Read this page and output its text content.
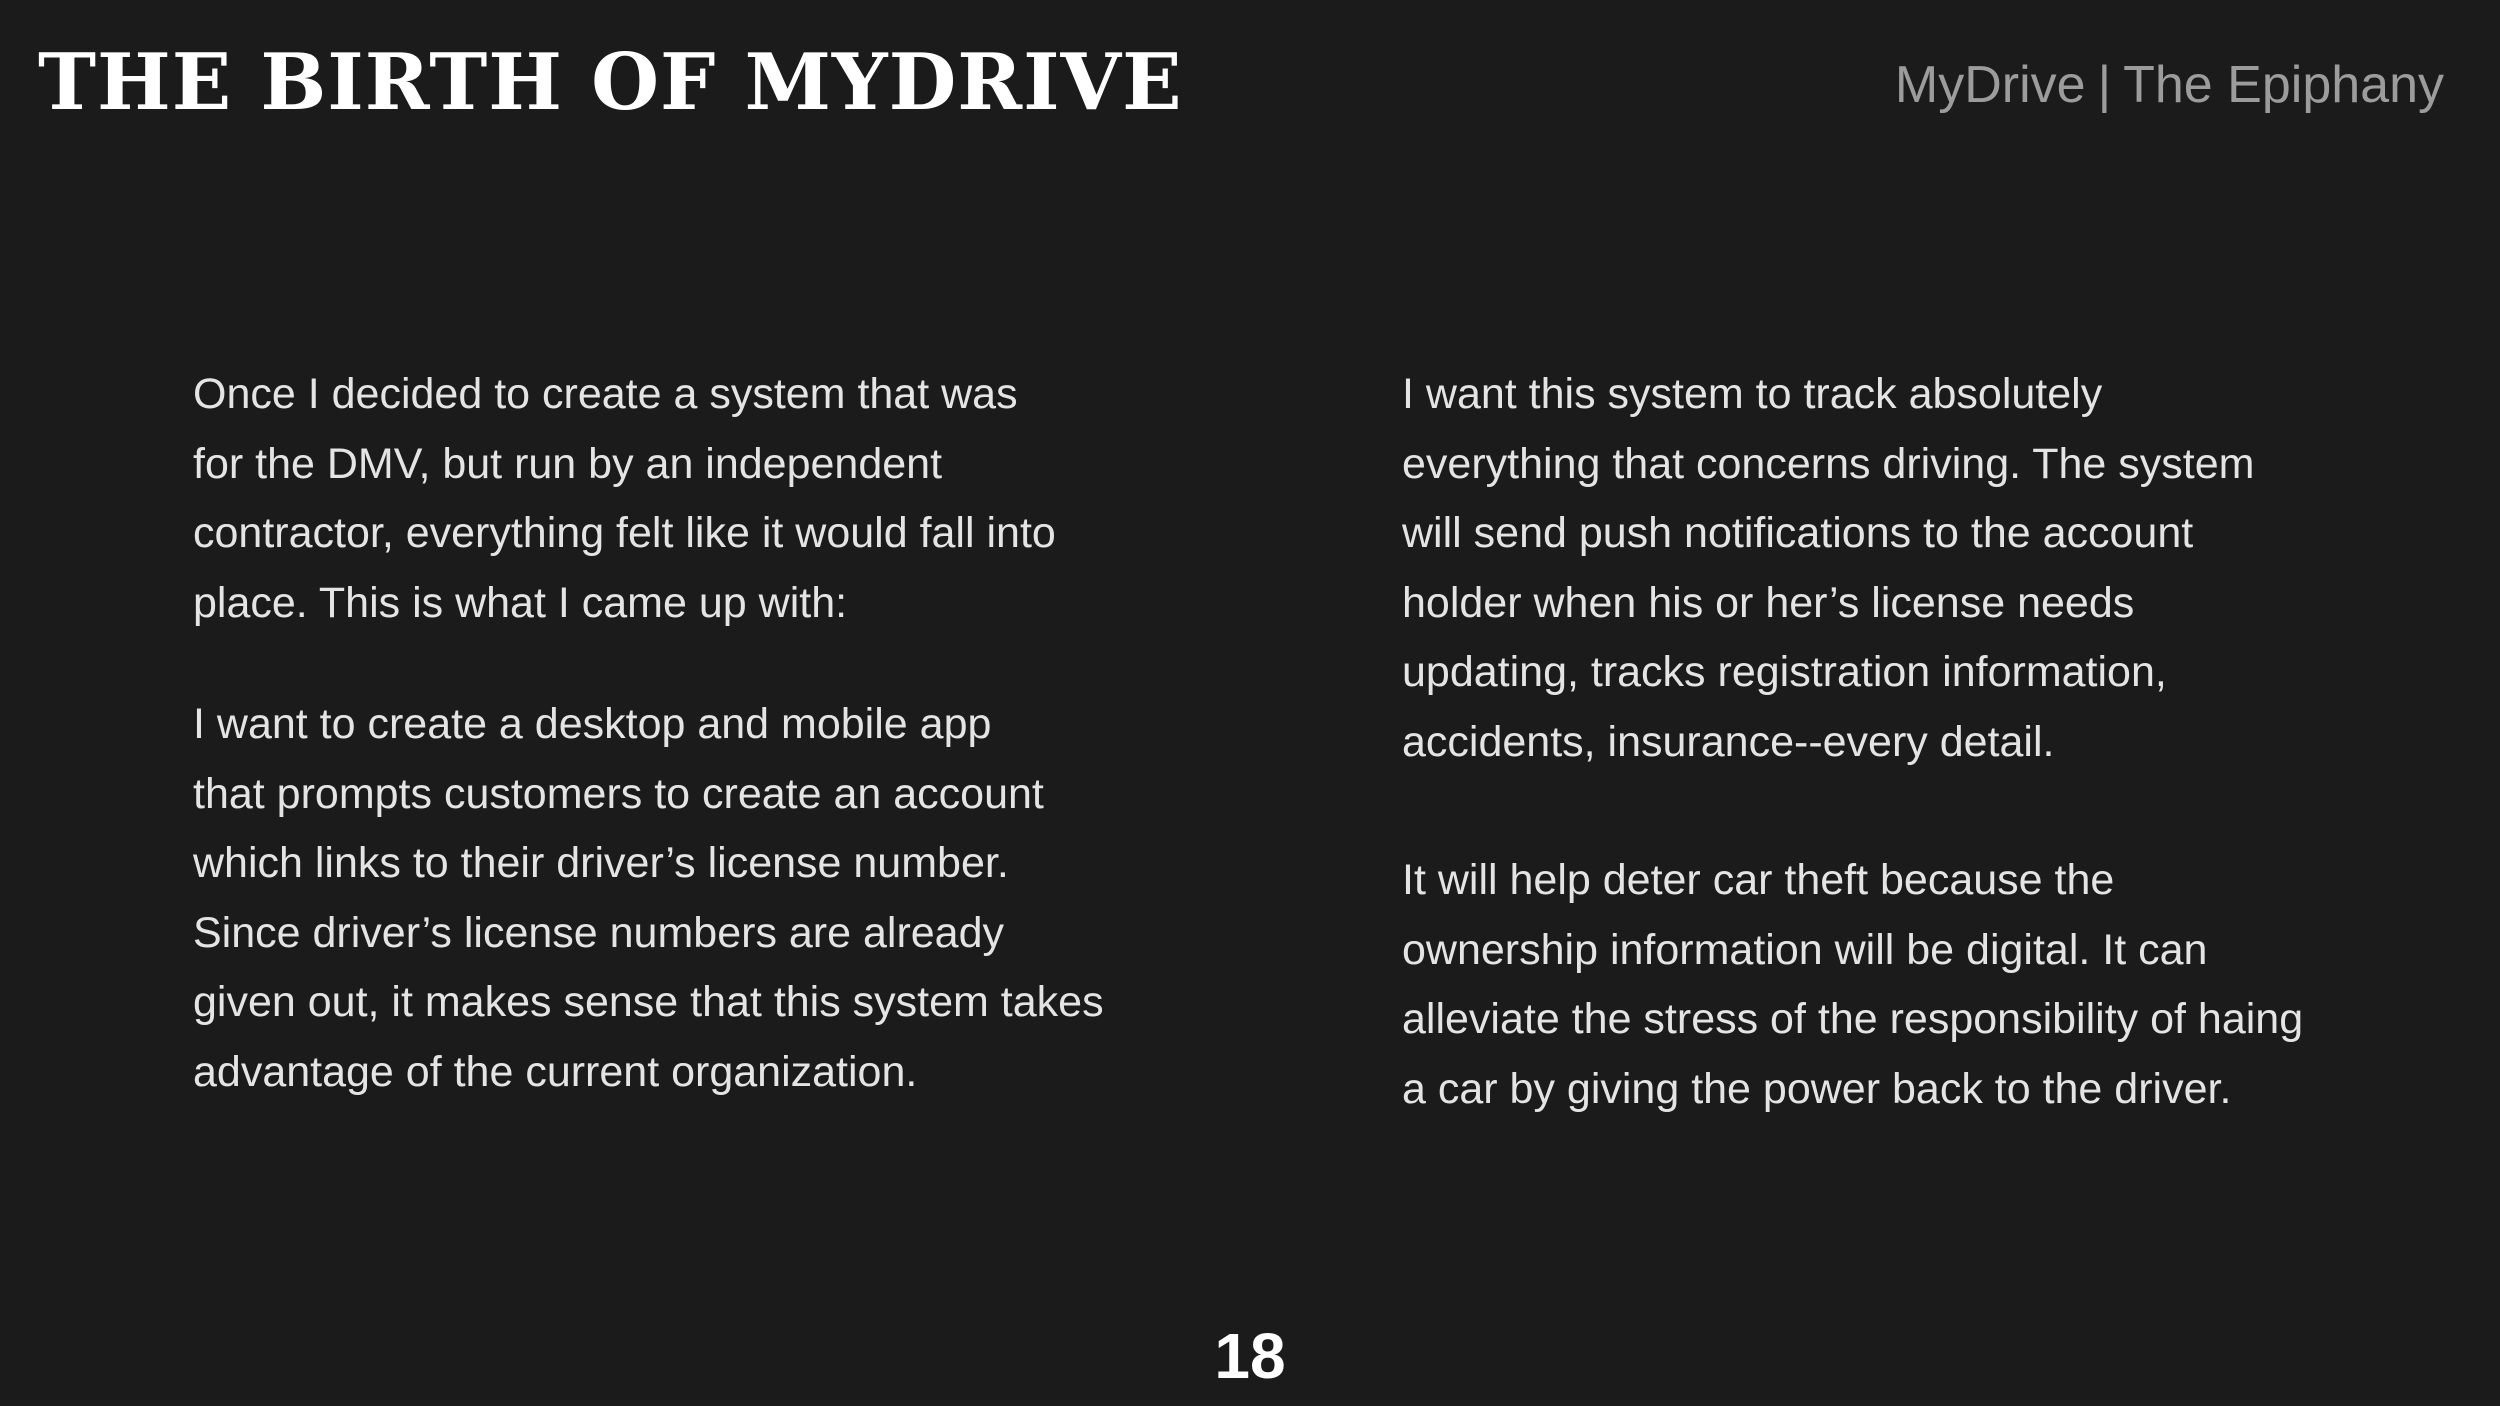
THE BIRTH OF MYDRIVE	MyDrive | The Epiphany

Once I decided to create a system that was
for the DMV, but run by an independent
contractor, everything felt like it would fall into
place. This is what I came up with:

I want to create a desktop and mobile app
that prompts customers to create an account
which links to their driver’s license number.
Since driver’s license numbers are already
given out, it makes sense that this system takes
advantage of the current organization.

I want this system to track absolutely
everything that concerns driving. The system
will send push notifications to the account
holder when his or her’s license needs
updating, tracks registration information,
accidents, insurance--every detail.

It will help deter car theft because the
ownership information will be digital. It can
alleviate the stress of the responsibility of haing
a car by giving the power back to the driver.

18
